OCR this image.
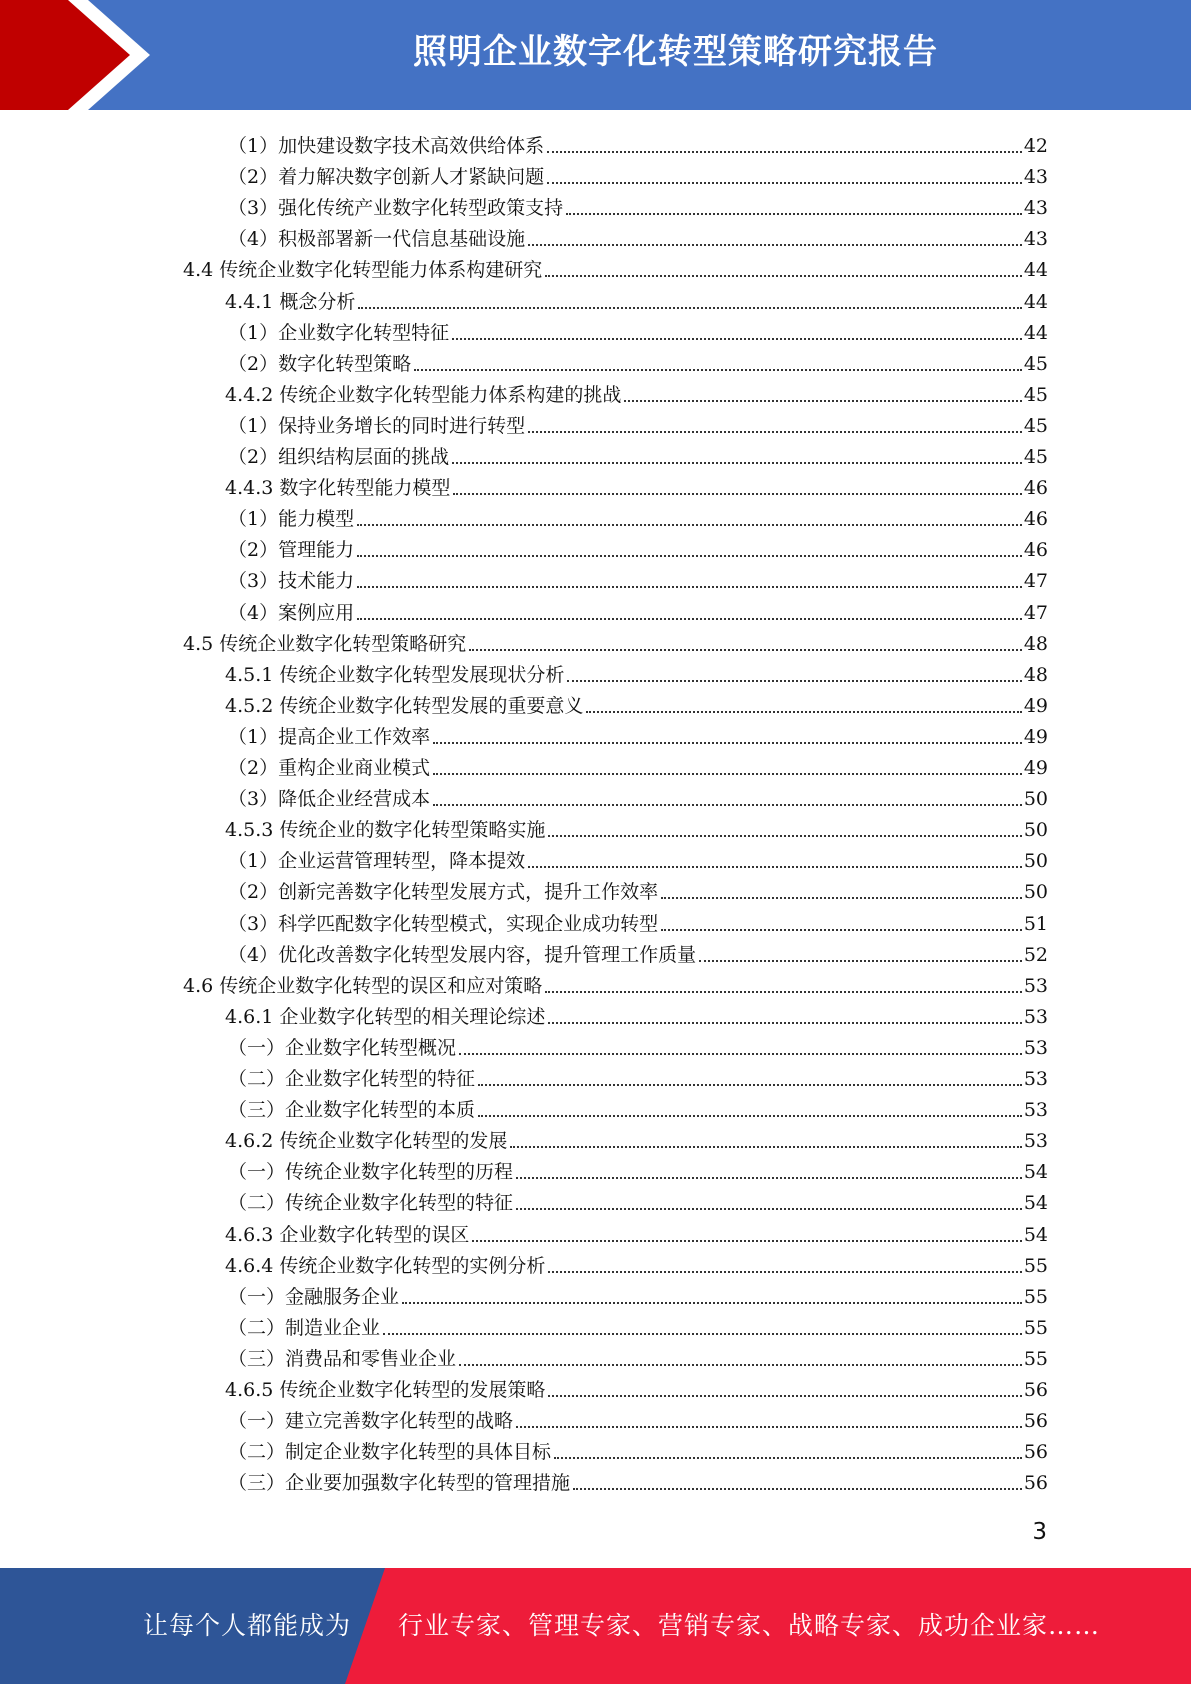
照明企业数字化转型策略研究报告
（1）加快建设数字技术高效供给体系	42
（2）着力解决数字创新人才紧缺问题	43
（3）强化传统产业数字化转型政策支持	43
（4）积极部署新一代信息基础设施	43
4.4 传统企业数字化转型能力体系构建研究	44
4.4.1 概念分析	44
（1）企业数字化转型特征	44
（2）数字化转型策略	45
4.4.2 传统企业数字化转型能力体系构建的挑战	45
（1）保持业务增长的同时进行转型	45
（2）组织结构层面的挑战	45
4.4.3 数字化转型能力模型	46
（1）能力模型	46
（2）管理能力	46
（3）技术能力	47
（4）案例应用	47
4.5 传统企业数字化转型策略研究	48
4.5.1 传统企业数字化转型发展现状分析	48
4.5.2 传统企业数字化转型发展的重要意义	49
（1）提高企业工作效率	49
（2）重构企业商业模式	49
（3）降低企业经营成本	50
4.5.3 传统企业的数字化转型策略实施	50
（1）企业运营管理转型，降本提效	50
（2）创新完善数字化转型发展方式，提升工作效率	50
（3）科学匹配数字化转型模式，实现企业成功转型	51
（4）优化改善数字化转型发展内容，提升管理工作质量	52
4.6 传统企业数字化转型的误区和应对策略	53
4.6.1 企业数字化转型的相关理论综述	53
（一）企业数字化转型概况	53
（二）企业数字化转型的特征	53
（三）企业数字化转型的本质	53
4.6.2 传统企业数字化转型的发展	53
（一）传统企业数字化转型的历程	54
（二）传统企业数字化转型的特征	54
4.6.3 企业数字化转型的误区	54
4.6.4 传统企业数字化转型的实例分析	55
（一）金融服务企业	55
（二）制造业企业	55
（三）消费品和零售业企业	55
4.6.5 传统企业数字化转型的发展策略	56
（一）建立完善数字化转型的战略	56
（二）制定企业数字化转型的具体目标	56
（三）企业要加强数字化转型的管理措施	56
3
让每个人都能成为 行业专家、管理专家、营销专家、战略专家、成功企业家……
